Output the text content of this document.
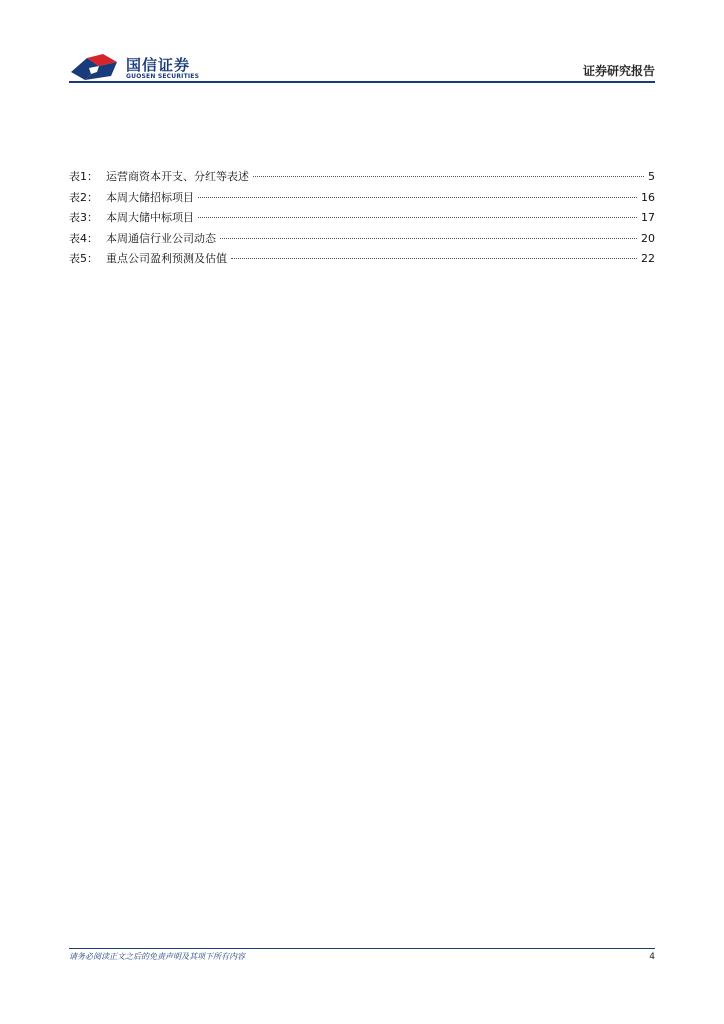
国信证券
GUOSEN SECURITIES	证券研究报告
表1： 运营商资本开支、分红等表述	5
表2： 本周大储招标项目	16
表3： 本周大储中标项目	17
表4： 本周通信行业公司动态	20
表5： 重点公司盈利预测及估值	22
请务必阅读正文之后的免责声明及其项下所有内容	4
